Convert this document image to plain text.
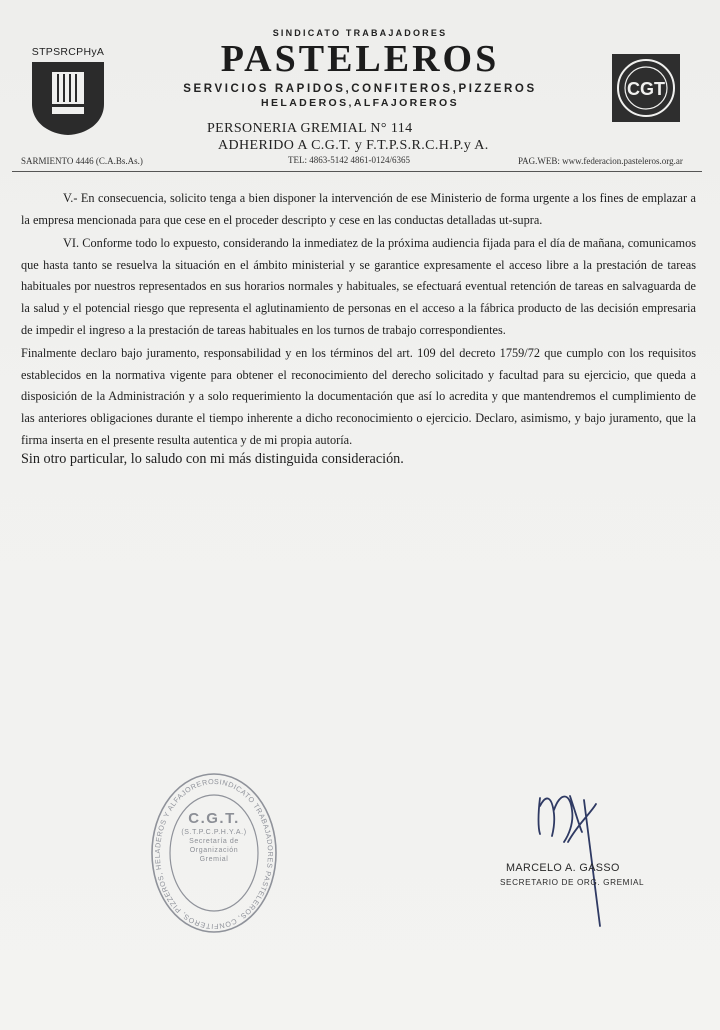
STPSRCPHyA
SINDICATO TRABAJADORES
PASTELEROS
SERVICIOS RAPIDOS,CONFITEROS,PIZZEROS
HELADEROS,ALFAJOREROS
PERSONERIA GREMIAL N° 114
ADHERIDO A C.G.T. y F.T.P.S.R.C.H.P.y A.
CGT
SARMIENTO 4446 (C.A.Bs.As.)	TEL: 4863-5142 4861-0124/6365	PAG.WEB: www.federacion.pasteleros.org.ar

V.- En consecuencia, solicito tenga a bien disponer la intervención de ese Ministerio de forma urgente a los fines de emplazar a la empresa mencionada para que cese en el proceder descripto y cese en las conductas detalladas ut-supra.

VI. Conforme todo lo expuesto, considerando la inmediatez de la próxima audiencia fijada para el día de mañana, comunicamos que hasta tanto se resuelva la situación en el ámbito ministerial y se garantice expresamente el acceso libre a la prestación de tareas habituales por nuestros representados en sus horarios normales y habituales, se efectuará eventual retención de tareas en salvaguarda de la salud y el potencial riesgo que representa el aglutinamiento de personas en el acceso a la fábrica producto de las decisión empresaria de impedir el ingreso a la prestación de tareas habituales en los turnos de trabajo correspondientes.

Finalmente declaro bajo juramento, responsabilidad y en los términos del art. 109 del decreto 1759/72 que cumplo con los requisitos establecidos en la normativa vigente para obtener el reconocimiento del derecho solicitado y facultad para su ejercicio, que queda a disposición de la Administración y a solo requerimiento la documentación que así lo acredita y que mantendremos el cumplimiento de las anteriores obligaciones durante el tiempo inherente a dicho reconocimiento o ejercicio. Declaro, asimismo, y bajo juramento, que la firma inserta en el presente resulta autentica y de mi propia autoría.

Sin otro particular, lo saludo con mi más distinguida consideración.
SINDICATO TRABAJADORES PASTELEROS, CONFITEROS, PIZZEROS, HELADEROS Y ALFAJORERO
C.G.T.
(S.T.P.C.P.H.Y.A.)
Secretaría de
Organización
Gremial
MARCELO A. GASSO
SECRETARIO DE ORG. GREMIAL
